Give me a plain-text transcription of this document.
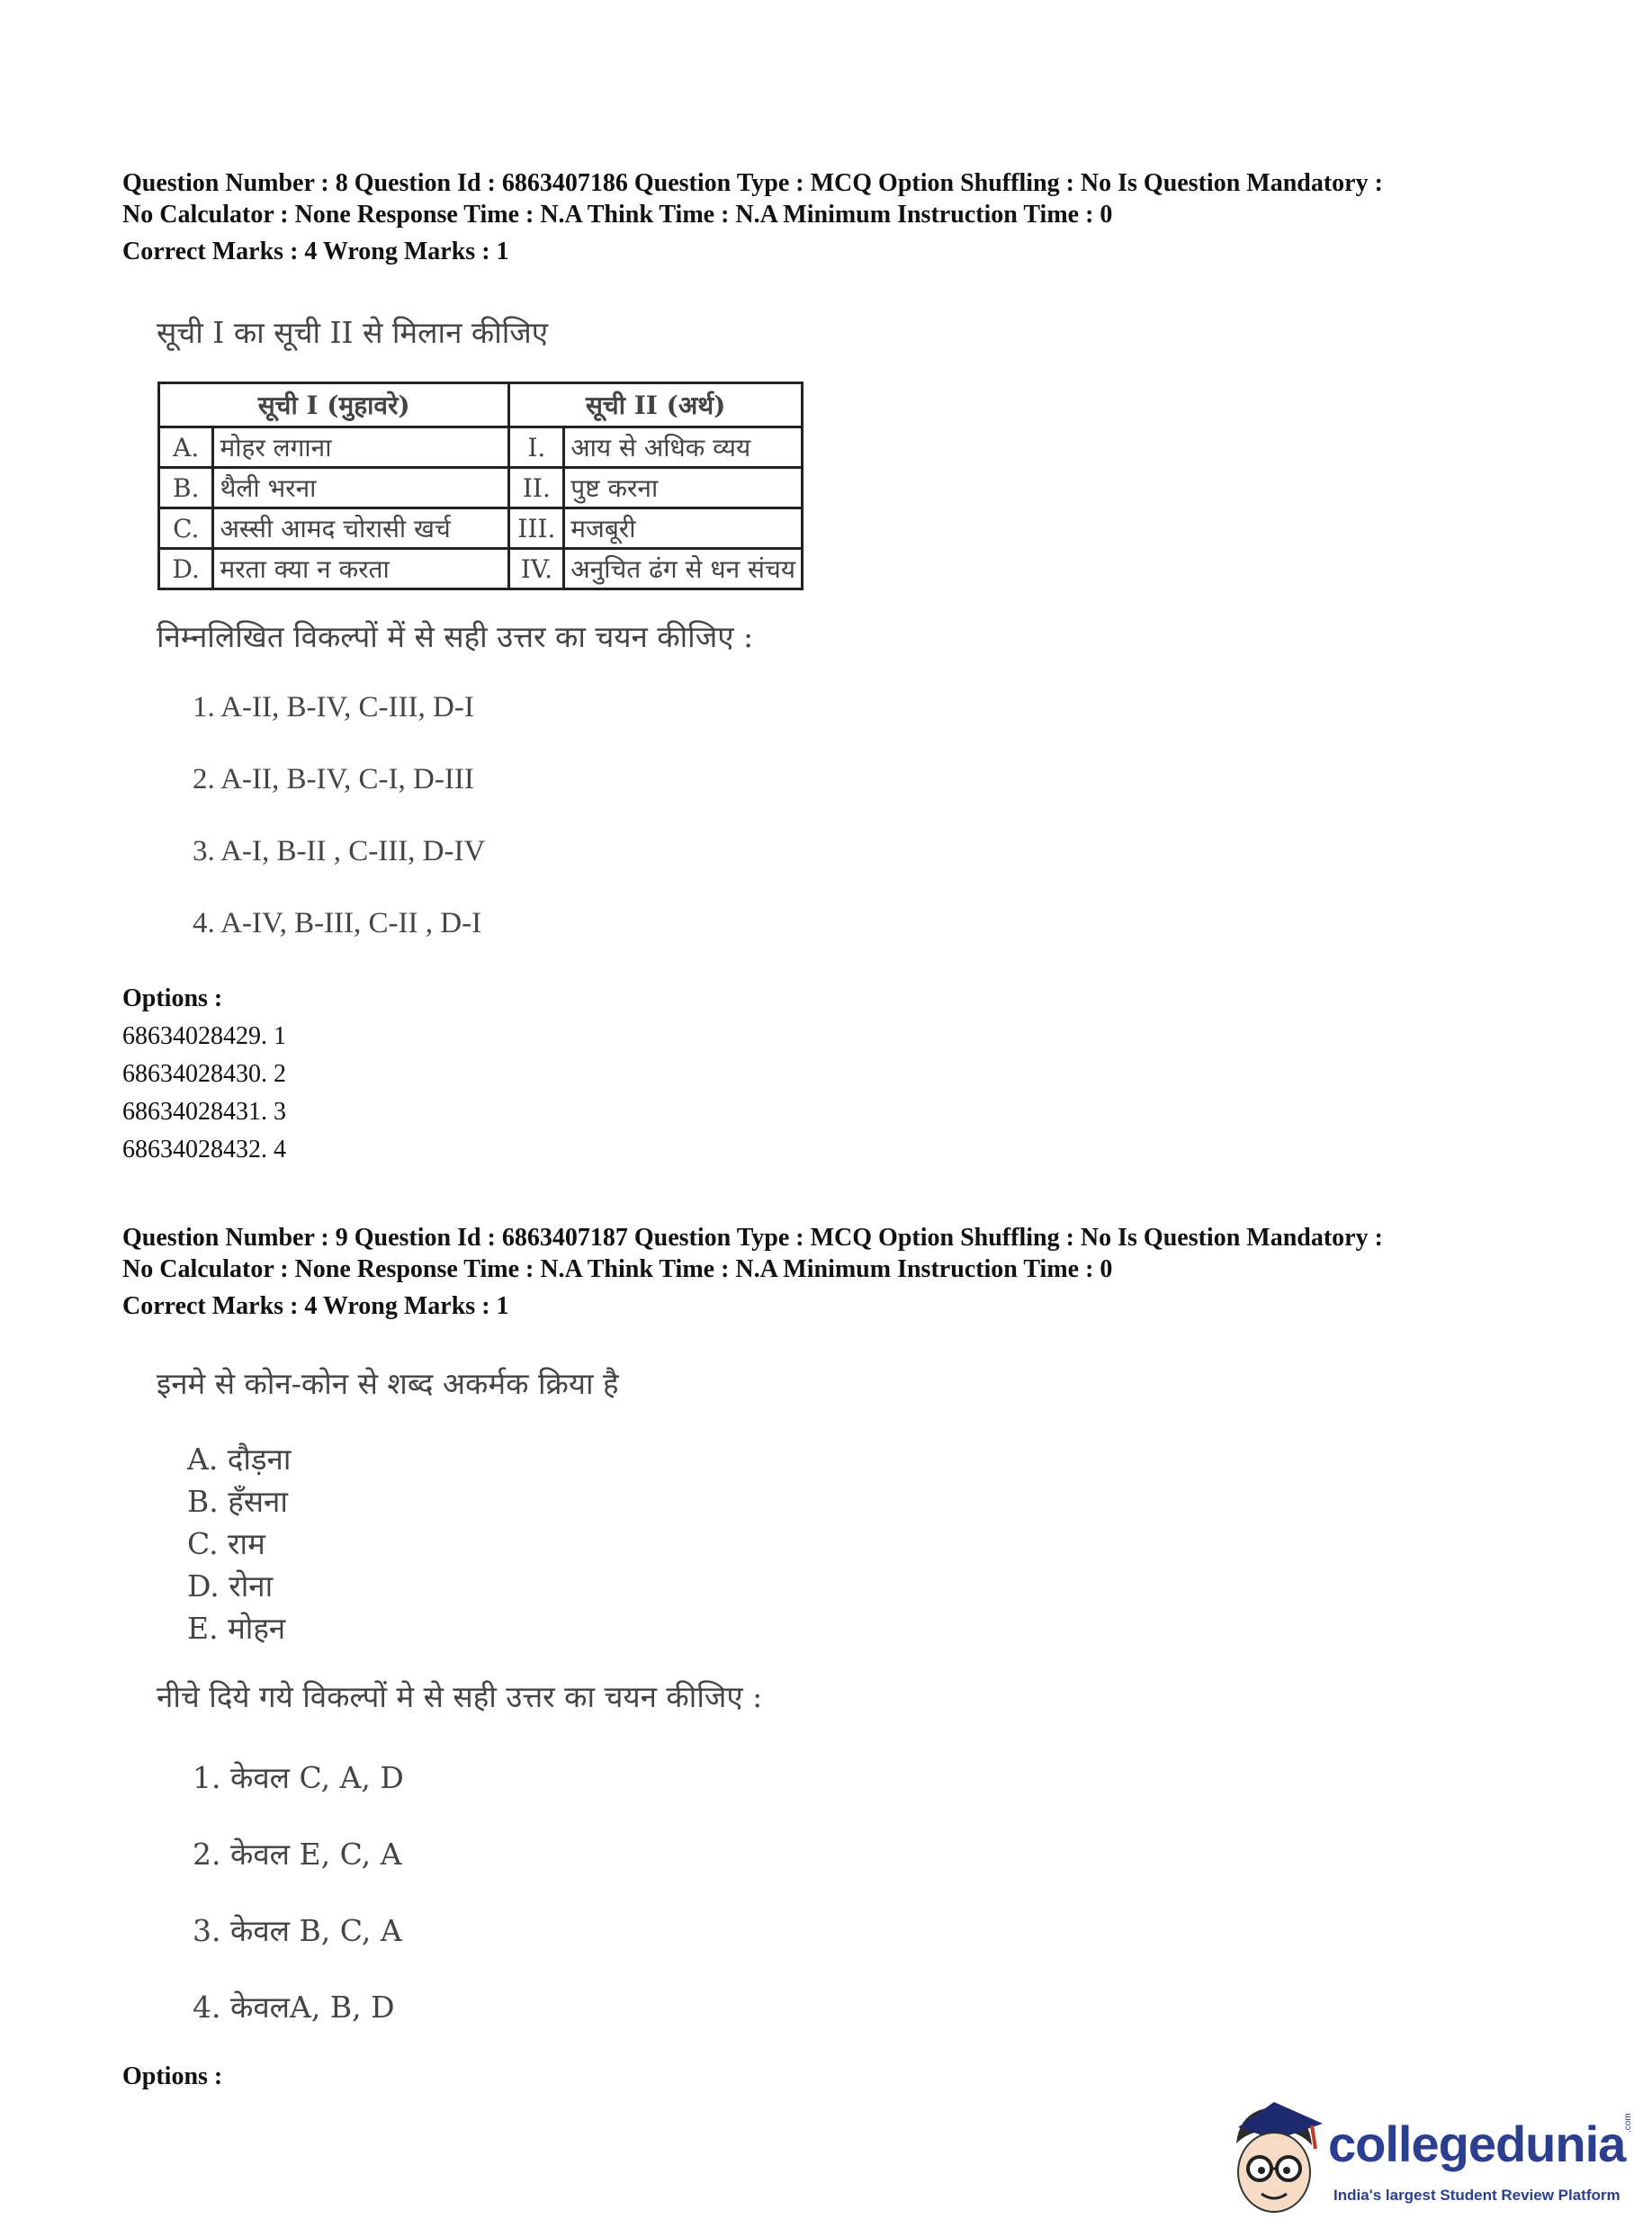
Question Number : 8 Question Id : 6863407186 Question Type : MCQ Option Shuffling : No Is Question Mandatory :
No Calculator : None Response Time : N.A Think Time : N.A Minimum Instruction Time : 0
Correct Marks : 4 Wrong Marks : 1
सूची I का सूची II से मिलान कीजिए
सूची I (मुहावरे)		सूची II (अर्थ)	
A.	मोहर लगाना	I.	आय से अधिक व्यय
B.	थैली भरना	II.	पुष्ट करना
C.	अस्सी आमद चोरासी खर्च	III.	मजबूरी
D.	मरता क्या न करता	IV.	अनुचित ढंग से धन संचय
निम्नलिखित विकल्पों में से सही उत्तर का चयन कीजिए :
1. A-II, B-IV, C-III, D-I
2. A-II, B-IV, C-I, D-III
3. A-I, B-II , C-III, D-IV
4. A-IV, B-III, C-II , D-I
Options :
68634028429. 1
68634028430. 2
68634028431. 3
68634028432. 4
Question Number : 9 Question Id : 6863407187 Question Type : MCQ Option Shuffling : No Is Question Mandatory :
No Calculator : None Response Time : N.A Think Time : N.A Minimum Instruction Time : 0
Correct Marks : 4 Wrong Marks : 1
इनमे से कोन-कोन से शब्द अकर्मक क्रिया है
A. दौड़ना
B. हँसना
C. राम
D. रोना
E. मोहन
नीचे दिये गये विकल्पों मे से सही उत्तर का चयन कीजिए :
1. केवल C, A, D
2. केवल E, C, A
3. केवल B, C, A
4. केवलA, B, D
Options :
collegedunia
.com
India's largest Student Review Platform
